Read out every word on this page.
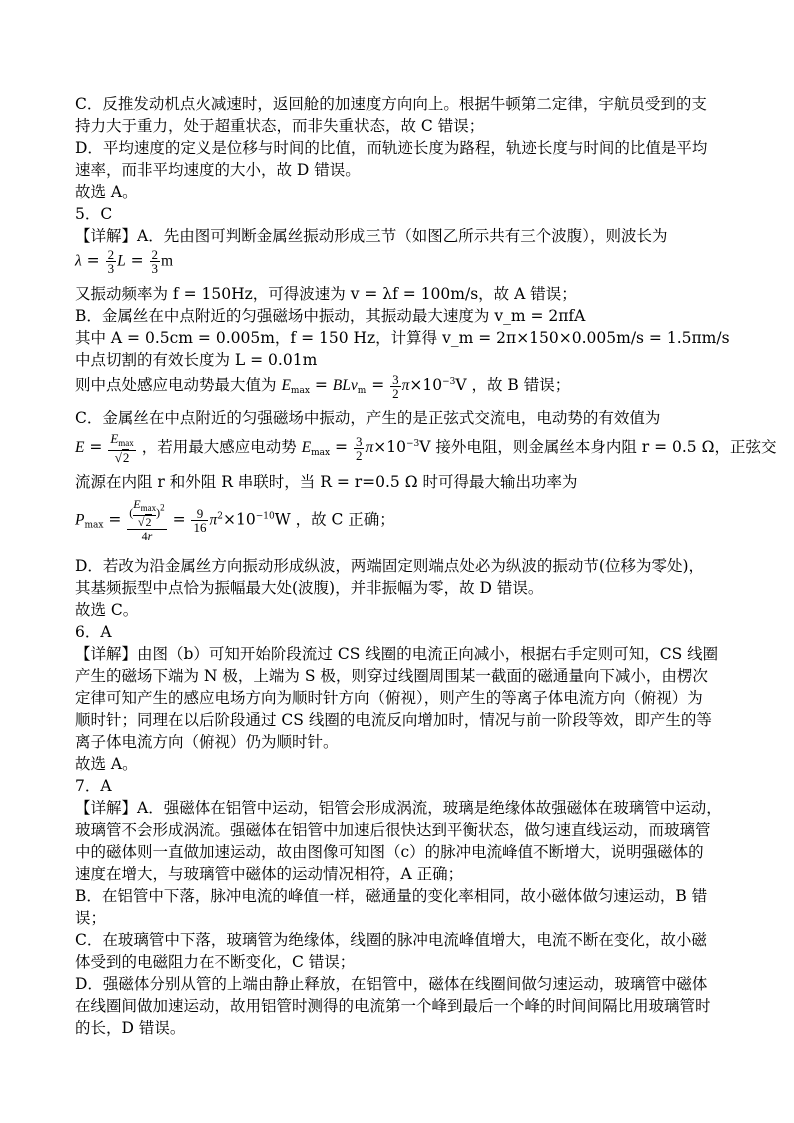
C．反推发动机点火减速时，返回舱的加速度方向向上。根据牛顿第二定律，宇航员受到的支
持力大于重力，处于超重状态，而非失重状态，故 C 错误；
D．平均速度的定义是位移与时间的比值，而轨迹长度为路程，轨迹长度与时间的比值是平均
速率，而非平均速度的大小，故 D 错误。
故选 A。
5．C
【详解】A．先由图可判断金属丝振动形成三节（如图乙所示共有三个波腹），则波长为
$\lambda = \frac{2}{3}$ $L = \frac{2}{3}$ m
又振动频率为 f = 150Hz，可得波速为 v = λf = 100m/s，故 A 错误；
B．金属丝在中点附近的匀强磁场中振动，其振动最大速度为 v_m = 2πfA
其中 A = 0.5cm = 0.005m，f = 150 Hz，计算得 v_m = 2π×150×0.005m/s = 1.5πm/s
中点切割的有效长度为 L = 0.01m
则中点处感应电动势最大值为 $E_{max} = BLv_m = \frac{3}{2} \pi\times 10^{-3}V$ ，故 B 错误；
C．金属丝在中点附近的匀强磁场中振动，产生的是正弦式交流电，电动势的有效值为
$E = \frac{E_{max}}{√2}$ ，若用最大感应电动势 $E_{max} = \frac{3}{2} \pi\times 10^{-3}V$ 接外电阻，则金属丝本身内阻 r = 0.5 Ω，正弦交
流源在内阻 r 和外阻 R 串联时，当 R = r=0.5 Ω 时可得最大输出功率为
$P_{max}$ = (
$E_{max}$
√2
)$^2$
$4r = \frac{9}{16} \pi^2\times 10^{-10}W$ ，故 C 正确；
D．若改为沿金属丝方向振动形成纵波，两端固定则端点处必为纵波的振动节(位移为零处)，
其基频振型中点恰为振幅最大处(波腹)，并非振幅为零，故 D 错误。
故选 C。
6．A
【详解】由图（b）可知开始阶段流过 CS 线圈的电流正向减小，根据右手定则可知，CS 线圈
产生的磁场下端为 N 极，上端为 S 极，则穿过线圈周围某一截面的磁通量向下减小，由楞次
定律可知产生的感应电场方向为顺时针方向（俯视），则产生的等离子体电流方向（俯视）为
顺时针；同理在以后阶段通过 CS 线圈的电流反向增加时，情况与前一阶段等效，即产生的等
离子体电流方向（俯视）仍为顺时针。
故选 A。
7．A
【详解】A．强磁体在铝管中运动，铝管会形成涡流，玻璃是绝缘体故强磁体在玻璃管中运动，
玻璃管不会形成涡流。强磁体在铝管中加速后很快达到平衡状态，做匀速直线运动，而玻璃管
中的磁体则一直做加速运动，故由图像可知图（c）的脉冲电流峰值不断增大，说明强磁体的
速度在增大，与玻璃管中磁体的运动情况相符，A 正确；
B．在铝管中下落，脉冲电流的峰值一样，磁通量的变化率相同，故小磁体做匀速运动，B 错
误；
C．在玻璃管中下落，玻璃管为绝缘体，线圈的脉冲电流峰值增大，电流不断在变化，故小磁
体受到的电磁阻力在不断变化，C 错误；
D．强磁体分别从管的上端由静止释放，在铝管中，磁体在线圈间做匀速运动，玻璃管中磁体
在线圈间做加速运动，故用铝管时测得的电流第一个峰到最后一个峰的时间间隔比用玻璃管时
的长，D 错误。
